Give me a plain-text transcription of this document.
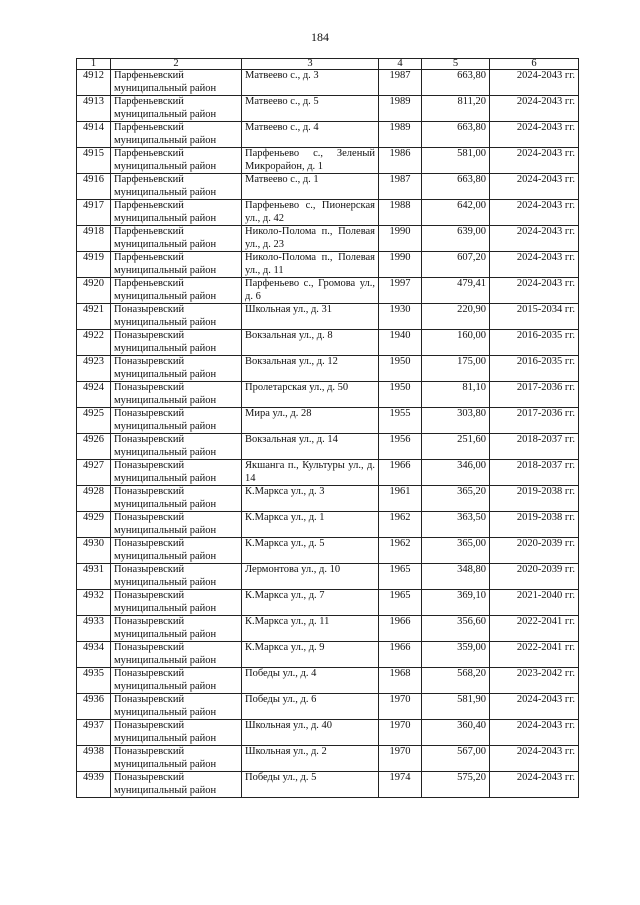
184
1	2	3	4	5	6
4912	Парфеньевский муниципальный район	Матвеево с., д. 3	1987	663,80	2024-2043 гг.
4913	Парфеньевский муниципальный район	Матвеево с., д. 5	1989	811,20	2024-2043 гг.
4914	Парфеньевский муниципальный район	Матвеево с., д. 4	1989	663,80	2024-2043 гг.
4915	Парфеньевский муниципальный район	Парфеньево с., Зеленый Микрорайон, д. 1	1986	581,00	2024-2043 гг.
4916	Парфеньевский муниципальный район	Матвеево с., д. 1	1987	663,80	2024-2043 гг.
4917	Парфеньевский муниципальный район	Парфеньево с., Пионерская ул., д. 42	1988	642,00	2024-2043 гг.
4918	Парфеньевский муниципальный район	Николо-Полома п., Полевая ул., д. 23	1990	639,00	2024-2043 гг.
4919	Парфеньевский муниципальный район	Николо-Полома п., Полевая ул., д. 11	1990	607,20	2024-2043 гг.
4920	Парфеньевский муниципальный район	Парфеньево с., Громова ул., д. 6	1997	479,41	2024-2043 гг.
4921	Поназыревский муниципальный район	Школьная ул., д. 31	1930	220,90	2015-2034 гг.
4922	Поназыревский муниципальный район	Вокзальная ул., д. 8	1940	160,00	2016-2035 гг.
4923	Поназыревский муниципальный район	Вокзальная ул., д. 12	1950	175,00	2016-2035 гг.
4924	Поназыревский муниципальный район	Пролетарская ул., д. 50	1950	81,10	2017-2036 гг.
4925	Поназыревский муниципальный район	Мира ул., д. 28	1955	303,80	2017-2036 гг.
4926	Поназыревский муниципальный район	Вокзальная ул., д. 14	1956	251,60	2018-2037 гг.
4927	Поназыревский муниципальный район	Якшанга п., Культуры ул., д. 14	1966	346,00	2018-2037 гг.
4928	Поназыревский муниципальный район	К.Маркса ул., д. 3	1961	365,20	2019-2038 гг.
4929	Поназыревский муниципальный район	К.Маркса ул., д. 1	1962	363,50	2019-2038 гг.
4930	Поназыревский муниципальный район	К.Маркса ул., д. 5	1962	365,00	2020-2039 гг.
4931	Поназыревский муниципальный район	Лермонтова ул., д. 10	1965	348,80	2020-2039 гг.
4932	Поназыревский муниципальный район	К.Маркса ул., д. 7	1965	369,10	2021-2040 гг.
4933	Поназыревский муниципальный район	К.Маркса ул., д. 11	1966	356,60	2022-2041 гг.
4934	Поназыревский муниципальный район	К.Маркса ул., д. 9	1966	359,00	2022-2041 гг.
4935	Поназыревский муниципальный район	Победы ул., д. 4	1968	568,20	2023-2042 гг.
4936	Поназыревский муниципальный район	Победы ул., д. 6	1970	581,90	2024-2043 гг.
4937	Поназыревский муниципальный район	Школьная ул., д. 40	1970	360,40	2024-2043 гг.
4938	Поназыревский муниципальный район	Школьная ул., д. 2	1970	567,00	2024-2043 гг.
4939	Поназыревский муниципальный район	Победы ул., д. 5	1974	575,20	2024-2043 гг.
